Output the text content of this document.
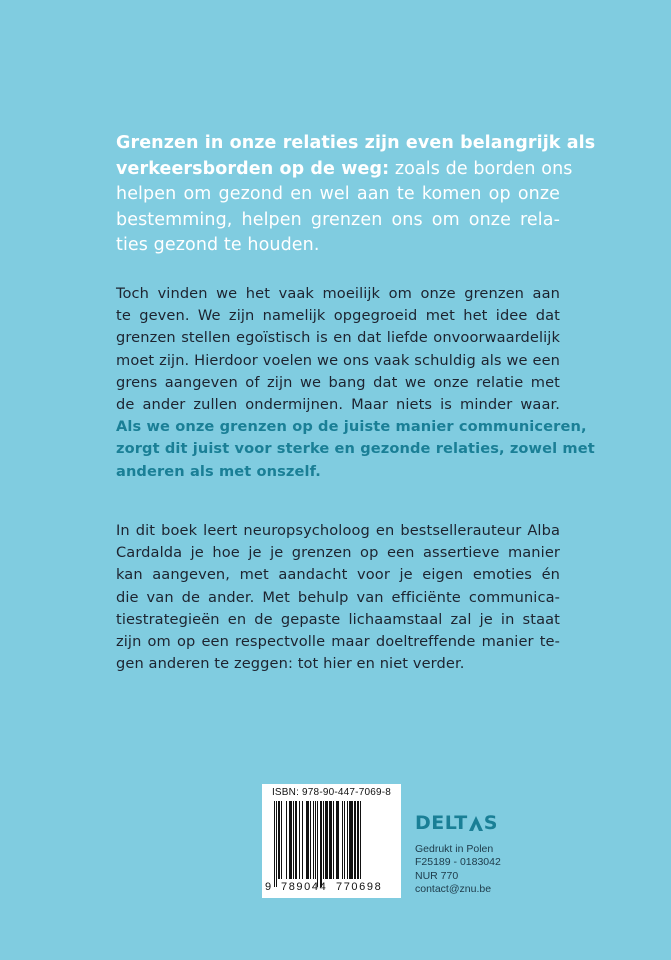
Grenzen in onze relaties zijn even belangrijk als
verkeersborden op de weg: zoals de borden ons
helpen om gezond en wel aan te komen op onze
bestemming, helpen grenzen ons om onze rela-
ties gezond te houden.
Toch vinden we het vaak moeilijk om onze grenzen aan
te geven. We zijn namelijk opgegroeid met het idee dat
grenzen stellen egoïstisch is en dat liefde onvoorwaardelijk
moet zijn. Hierdoor voelen we ons vaak schuldig als we een
grens aangeven of zijn we bang dat we onze relatie met
de ander zullen ondermijnen. Maar niets is minder waar.
Als we onze grenzen op de juiste manier communiceren,
zorgt dit juist voor sterke en gezonde relaties, zowel met
anderen als met onszelf.
In dit boek leert neuropsycholoog en bestsellerauteur Alba
Cardalda je hoe je je grenzen op een assertieve manier
kan aangeven, met aandacht voor je eigen emoties én
die van de ander. Met behulp van efficiënte communica-
tiestrategieën en de gepaste lichaamstaal zal je in staat
zijn om op een respectvolle maar doeltreffende manier te-
gen anderen te zeggen: tot hier en niet verder.
ISBN: 978-90-447-7069-8
9 789044 770698
DELT S
Gedrukt in Polen
F25189 - 0183042
NUR 770
contact@znu.be
